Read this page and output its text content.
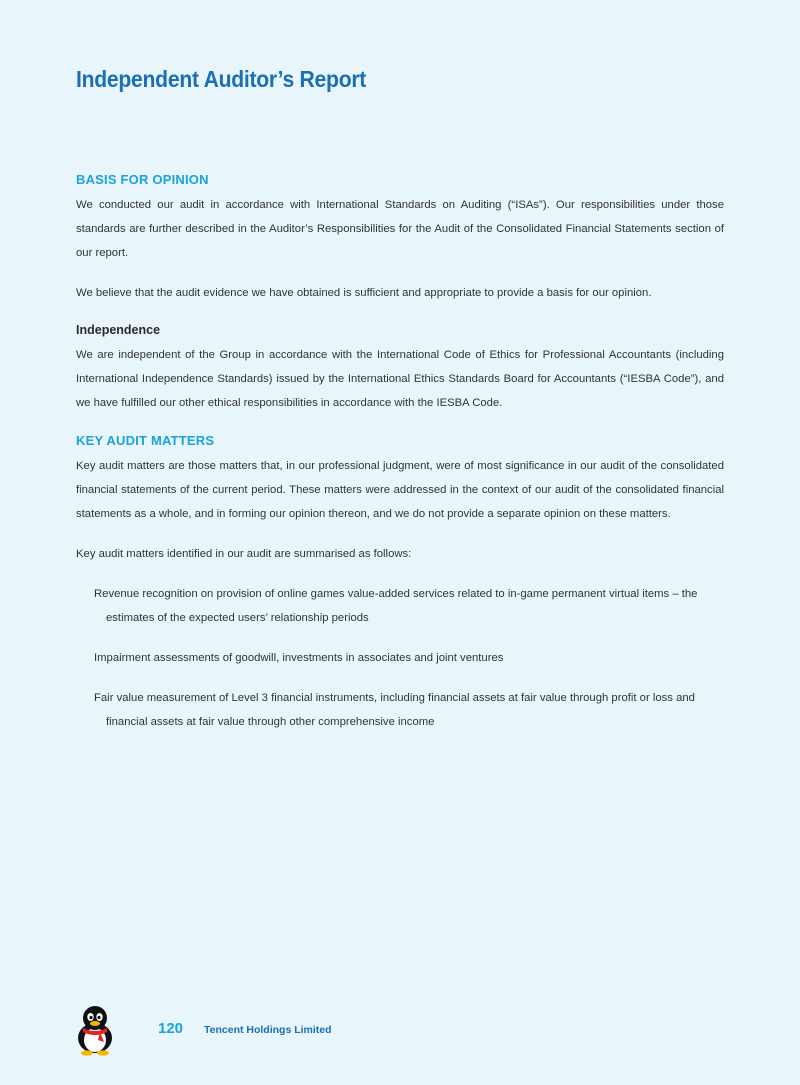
Independent Auditor’s Report
BASIS FOR OPINION

We conducted our audit in accordance with International Standards on Auditing (“ISAs”). Our responsibilities under those standards are further described in the Auditor’s Responsibilities for the Audit of the Consolidated Financial Statements section of our report.

We believe that the audit evidence we have obtained is sufficient and appropriate to provide a basis for our opinion.

Independence

We are independent of the Group in accordance with the International Code of Ethics for Professional Accountants (including International Independence Standards) issued by the International Ethics Standards Board for Accountants (“IESBA Code”), and we have fulfilled our other ethical responsibilities in accordance with the IESBA Code.

KEY AUDIT MATTERS

Key audit matters are those matters that, in our professional judgment, were of most significance in our audit of the consolidated financial statements of the current period. These matters were addressed in the context of our audit of the consolidated financial statements as a whole, and in forming our opinion thereon, and we do not provide a separate opinion on these matters.

Key audit matters identified in our audit are summarised as follows:

Revenue recognition on provision of online games value-added services related to in-game permanent virtual items – the estimates of the expected users’ relationship periods
Impairment assessments of goodwill, investments in associates and joint ventures
Fair value measurement of Level 3 financial instruments, including financial assets at fair value through profit or loss and financial assets at fair value through other comprehensive income
120 Tencent Holdings Limited
